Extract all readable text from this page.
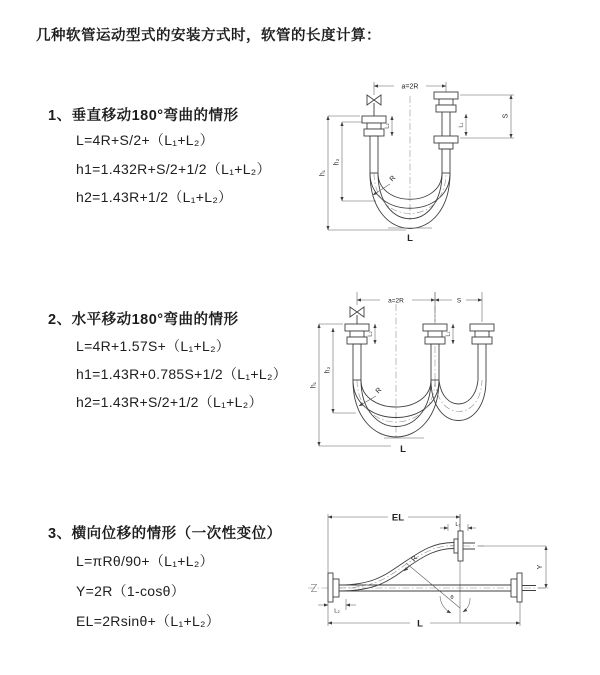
几种软管运动型式的安装方式时，软管的长度计算：
1、垂直移动180°弯曲的情形
L=4R+S/2+（L₁+L₂）
h1=1.432R+S/2+1/2（L₁+L₂）
h2=1.43R+1/2（L₁+L₂）
a=2R
h₁
h₂
S
L₁
L₂
R
L
2、水平移动180°弯曲的情形
L=4R+1.57S+（L₁+L₂）
h1=1.43R+0.785S+1/2（L₁+L₂）
h2=1.43R+S/2+1/2（L₁+L₂）
a=2R	S
h₁
h₂
L₂	L₁
R
L
3、横向位移的情形（一次性变位）
L=πRθ/90+（L₁+L₂）
Y=2R（1-cosθ）
EL=2Rsinθ+（L₁+L₂）
EL
L₁
Y
L
L₂
θ
R
